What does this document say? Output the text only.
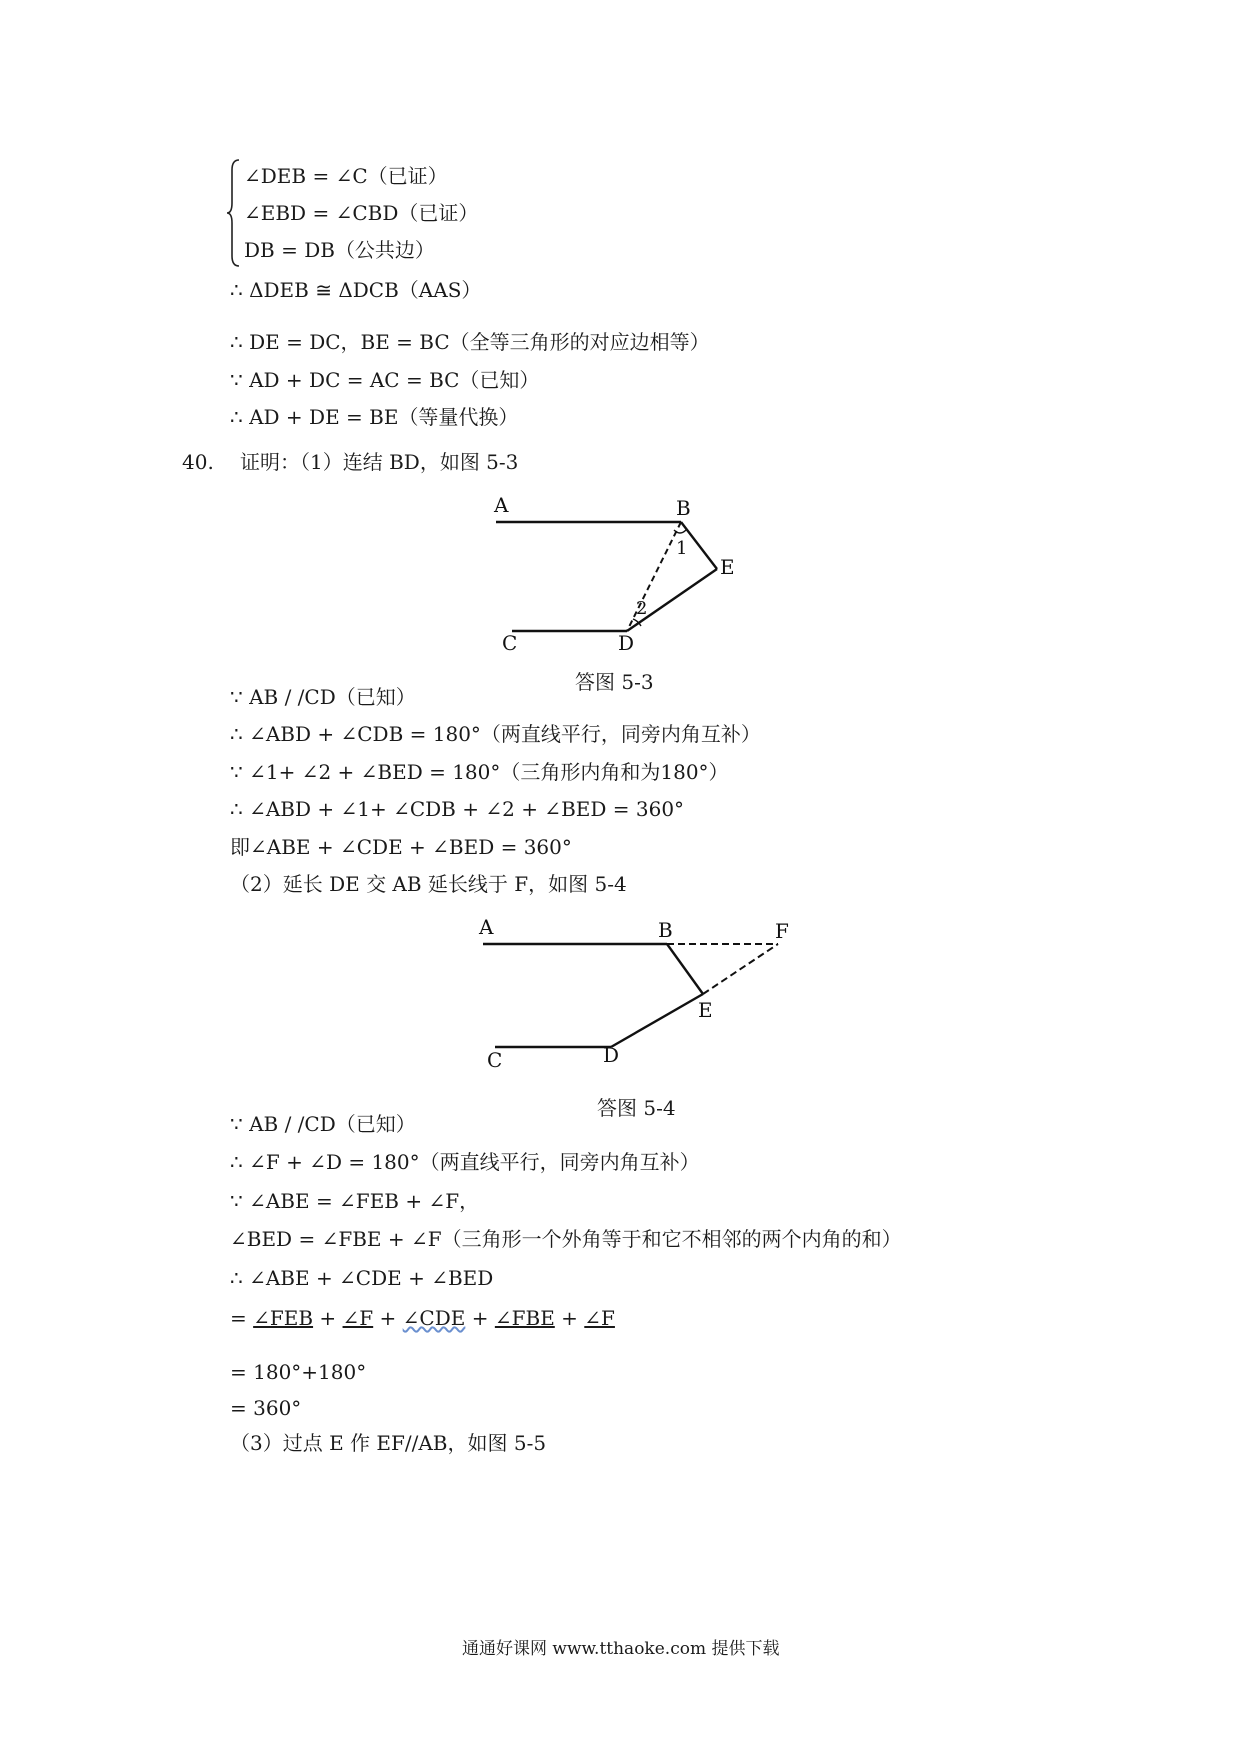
∠DEB = ∠C（已证）
∠EBD = ∠CBD（已证）
DB = DB（公共边）
∴ ΔDEB ≅ ΔDCB（AAS）
∴ DE = DC，BE = BC（全等三角形的对应边相等）
∵ AD + DC = AC = BC（已知）
∴ AD + DE = BE（等量代换）
40. 证明：（1）连结 BD，如图 5-3
A	B
E
C	D
1
2
答图 5-3
∵ AB / /CD（已知）
∴ ∠ABD + ∠CDB = 180°（两直线平行，同旁内角互补）
∵ ∠1+ ∠2 + ∠BED = 180°（三角形内角和为180°）
∴ ∠ABD + ∠1+ ∠CDB + ∠2 + ∠BED = 360°
即∠ABE + ∠CDE + ∠BED = 360°
（2）延长 DE 交 AB 延长线于 F，如图 5-4
A	B	F
E
C	D
答图 5-4
∵ AB / /CD（已知）
∴ ∠F + ∠D = 180°（两直线平行，同旁内角互补）
∵ ∠ABE = ∠FEB + ∠F，
∠BED = ∠FBE + ∠F（三角形一个外角等于和它不相邻的两个内角的和）
∴ ∠ABE + ∠CDE + ∠BED
= ∠FEB + ∠F + ∠CDE + ∠FBE + ∠F
= 180°+180°
= 360°
（3）过点 E 作 EF//AB，如图 5-5
通通好课网 www.tthaoke.com 提供下载
